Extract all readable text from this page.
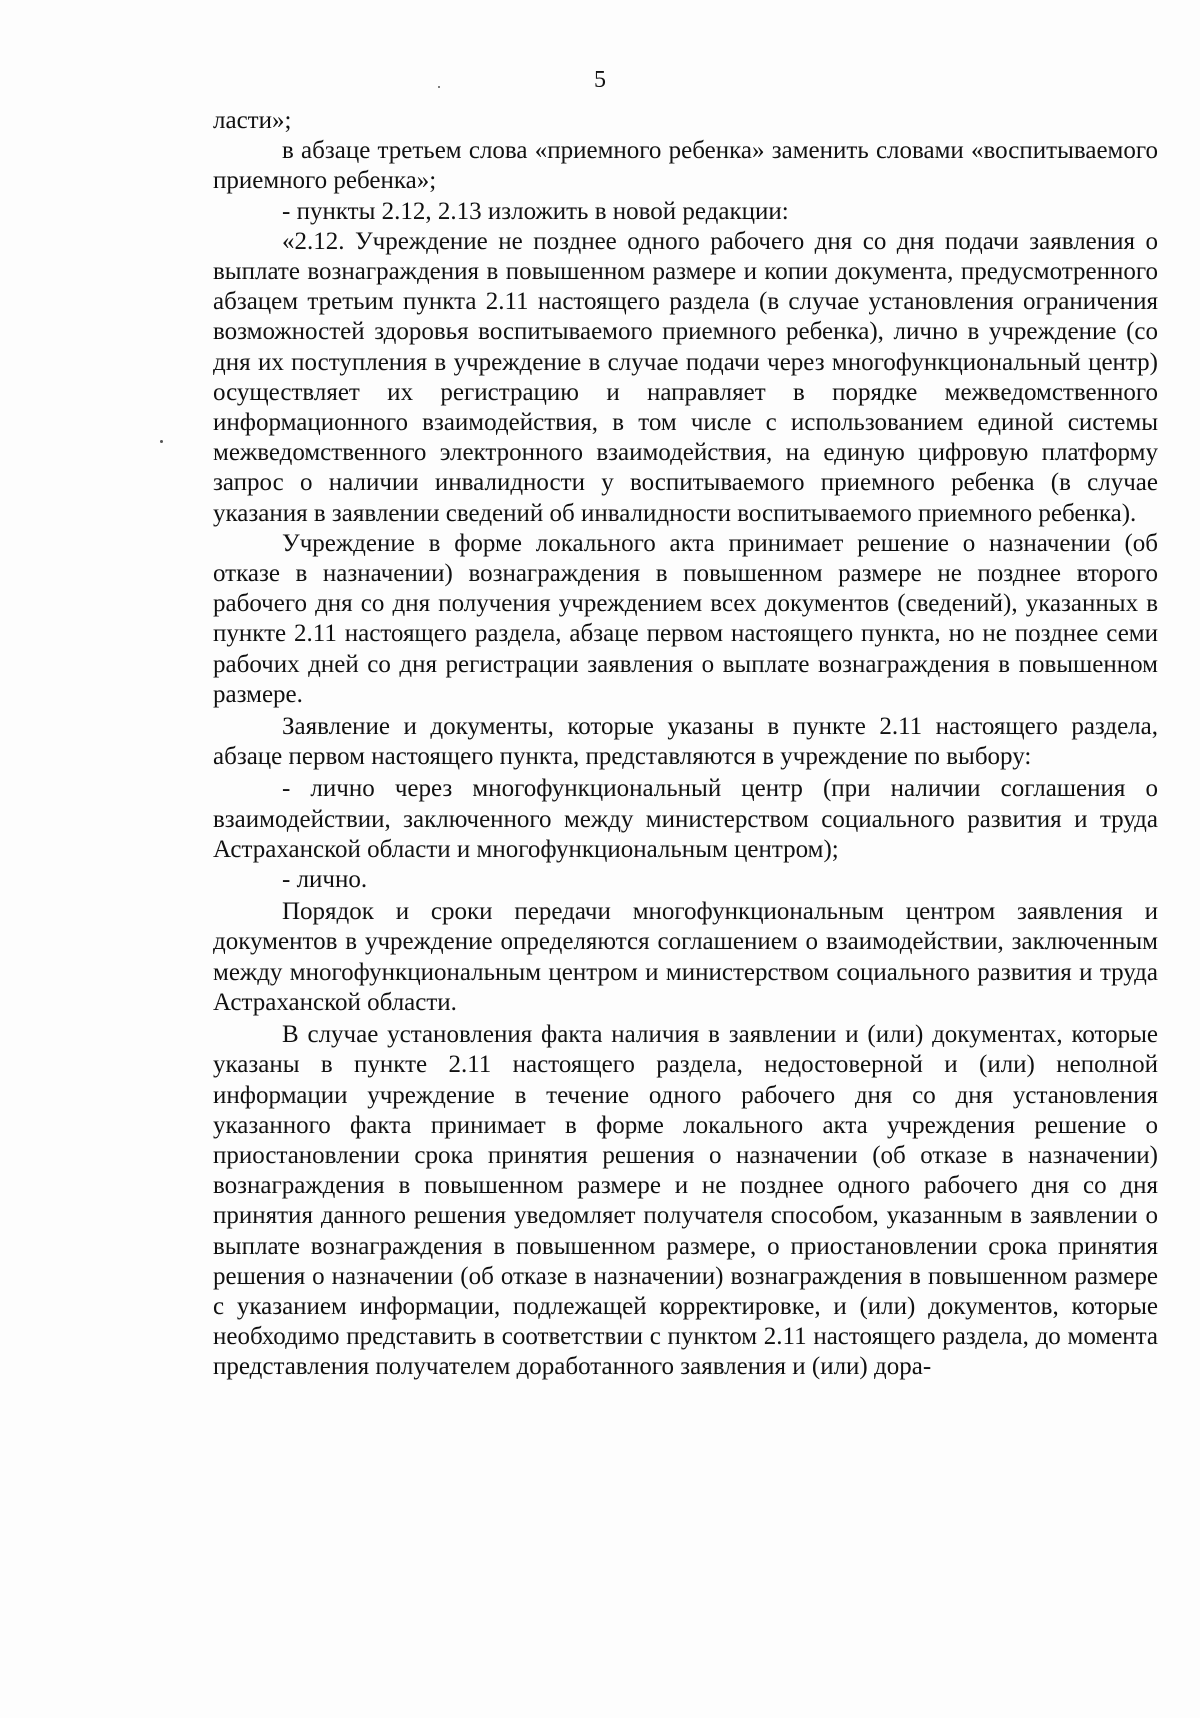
5

ласти»;

в абзаце третьем слова «приемного ребенка» заменить словами «воспитываемого приемного ребенка»;

- пункты 2.12, 2.13 изложить в новой редакции:

«2.12. Учреждение не позднее одного рабочего дня со дня подачи заявления о выплате вознаграждения в повышенном размере и копии документа, предусмотренного абзацем третьим пункта 2.11 настоящего раздела (в случае установления ограничения возможностей здоровья воспитываемого приемного ребенка), лично в учреждение (со дня их поступления в учреждение в случае подачи через многофункциональный центр) осуществляет их регистрацию и направляет в порядке межведомственного информационного взаимодействия, в том числе с использованием единой системы межведомственного электронного взаимодействия, на единую цифровую платформу запрос о наличии инвалидности у воспитываемого приемного ребенка (в случае указания в заявлении сведений об инвалидности воспитываемого приемного ребенка).

Учреждение в форме локального акта принимает решение о назначении (об отказе в назначении) вознаграждения в повышенном размере не позднее второго рабочего дня со дня получения учреждением всех документов (сведений), указанных в пункте 2.11 настоящего раздела, абзаце первом настоящего пункта, но не позднее семи рабочих дней со дня регистрации заявления о выплате вознаграждения в повышенном размере.

Заявление и документы, которые указаны в пункте 2.11 настоящего раздела, абзаце первом настоящего пункта, представляются в учреждение по выбору:

- лично через многофункциональный центр (при наличии соглашения о взаимодействии, заключенного между министерством социального развития и труда Астраханской области и многофункциональным центром);

- лично.

Порядок и сроки передачи многофункциональным центром заявления и документов в учреждение определяются соглашением о взаимодействии, заключенным между многофункциональным центром и министерством социального развития и труда Астраханской области.

В случае установления факта наличия в заявлении и (или) документах, которые указаны в пункте 2.11 настоящего раздела, недостоверной и (или) неполной информации учреждение в течение одного рабочего дня со дня установления указанного факта принимает в форме локального акта учреждения решение о приостановлении срока принятия решения о назначении (об отказе в назначении) вознаграждения в повышенном размере и не позднее одного рабочего дня со дня принятия данного решения уведомляет получателя способом, указанным в заявлении о выплате вознаграждения в повышенном размере, о приостановлении срока принятия решения о назначении (об отказе в назначении) вознаграждения в повышенном размере с указанием информации, подлежащей корректировке, и (или) документов, которые необходимо представить в соответствии с пунктом 2.11 настоящего раздела, до момента представления получателем доработанного заявления и (или) дора-
